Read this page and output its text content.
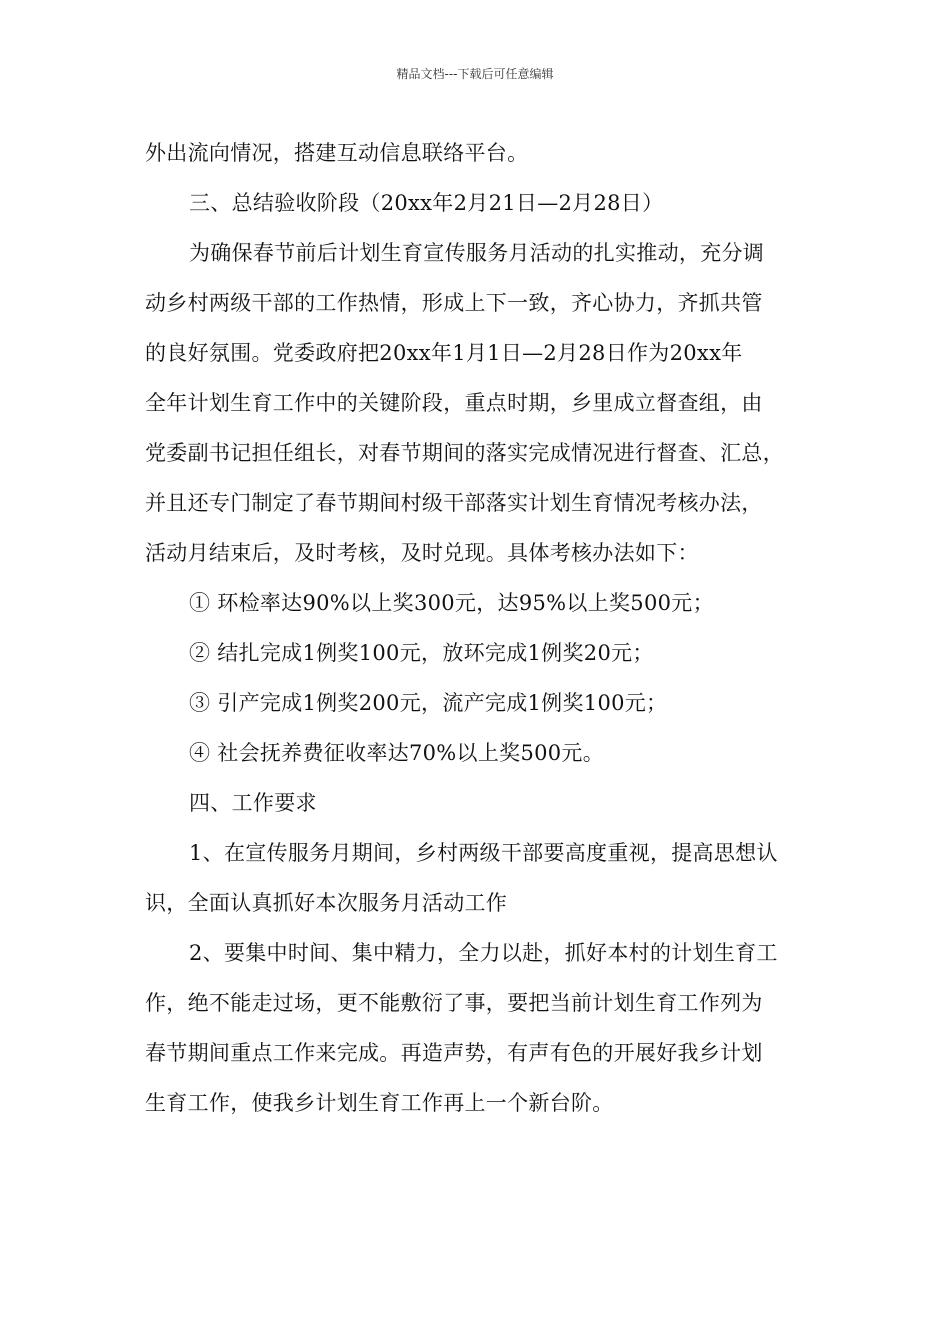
精品文档---下载后可任意编辑
外出流向情况，搭建互动信息联络平台。
三、总结验收阶段（20xx年2月21日—2月28日）
为确保春节前后计划生育宣传服务月活动的扎实推动，充分调
动乡村两级干部的工作热情，形成上下一致，齐心协力，齐抓共管
的良好氛围。党委政府把20xx年1月1日—2月28日作为20xx年
全年计划生育工作中的关键阶段，重点时期，乡里成立督查组，由
党委副书记担任组长，对春节期间的落实完成情况进行督查、汇总，
并且还专门制定了春节期间村级干部落实计划生育情况考核办法，
活动月结束后，及时考核，及时兑现。具体考核办法如下：
① 环检率达90%以上奖300元，达95%以上奖500元；
② 结扎完成1例奖100元，放环完成1例奖20元；
③ 引产完成1例奖200元，流产完成1例奖100元；
④ 社会抚养费征收率达70%以上奖500元。
四、工作要求
1、在宣传服务月期间，乡村两级干部要高度重视，提高思想认
识，全面认真抓好本次服务月活动工作
2、要集中时间、集中精力，全力以赴，抓好本村的计划生育工
作，绝不能走过场，更不能敷衍了事，要把当前计划生育工作列为
春节期间重点工作来完成。再造声势，有声有色的开展好我乡计划
生育工作，使我乡计划生育工作再上一个新台阶。
